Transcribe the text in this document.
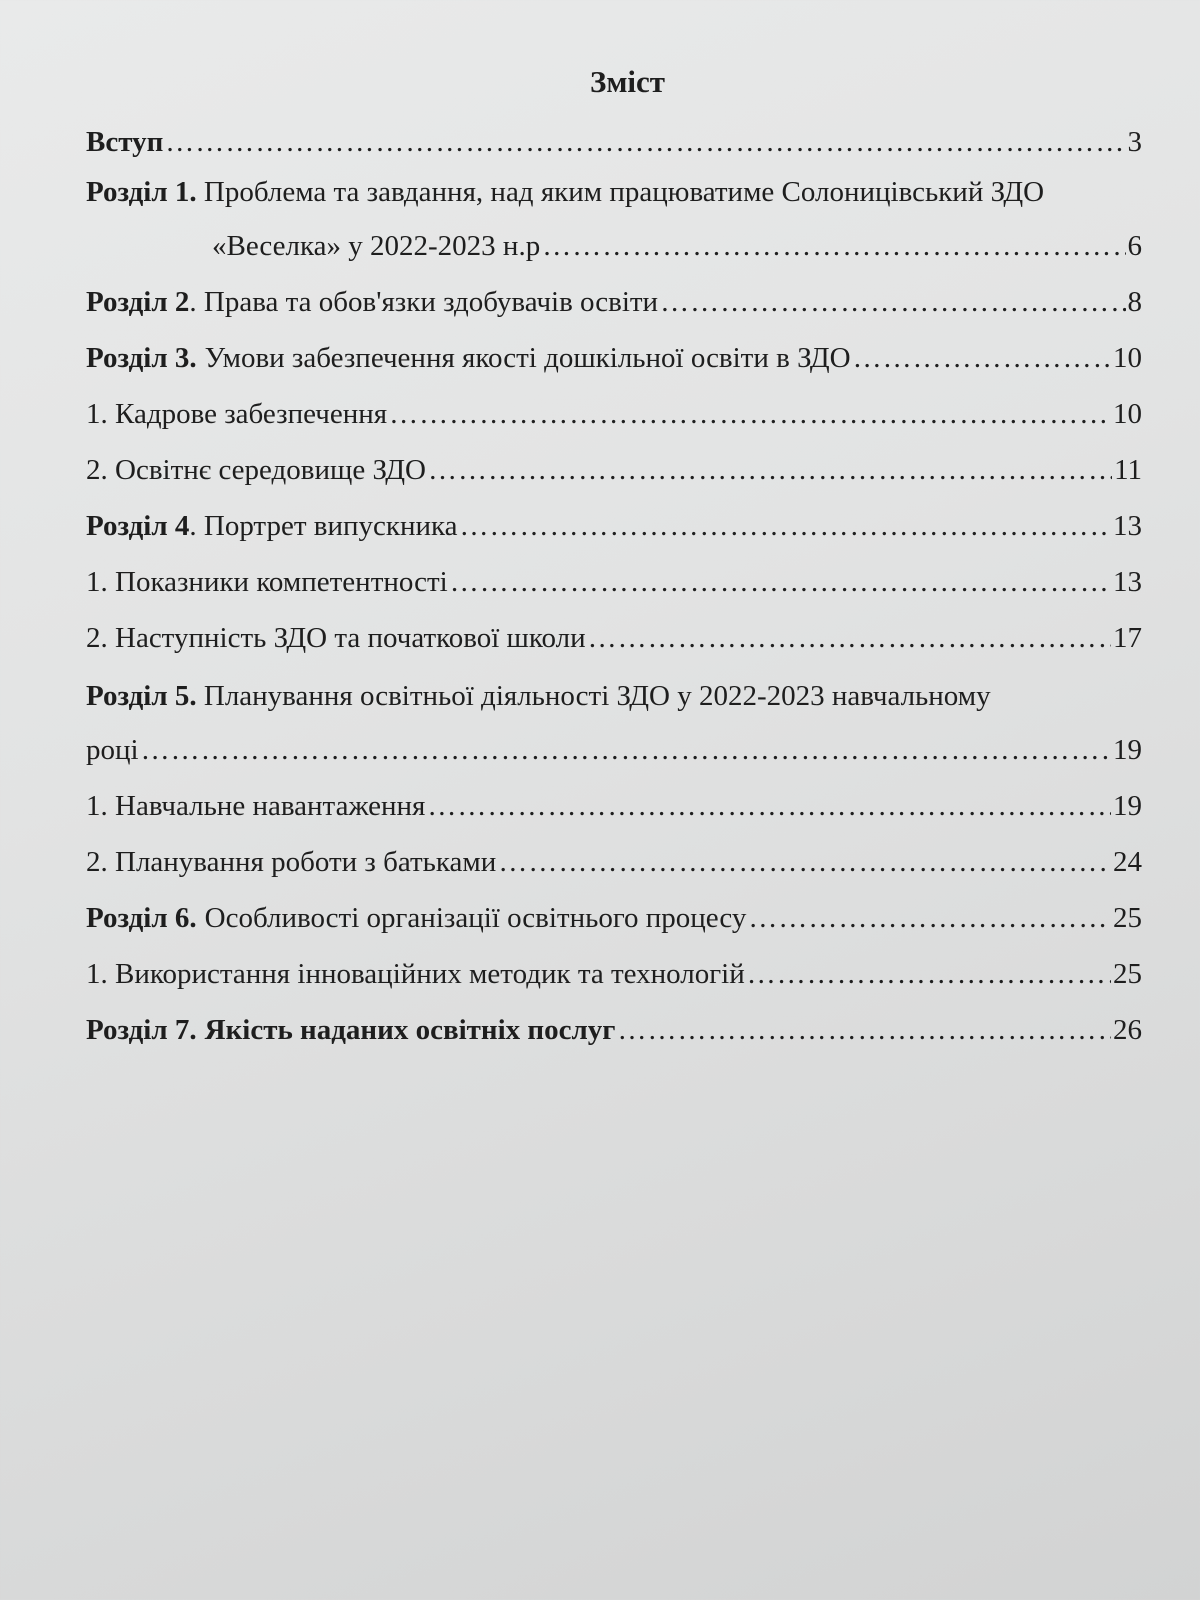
Зміст
Вступ ……………………………………………………………………………………………………………………………………………………………………………………	3
Розділ 1. Проблема та завдання, над яким працюватиме Солоницівський ЗДО
«Веселка» у 2022-2023 н.р ……………………………………………………………………………………………………………………………………………………………………………………	6
Розділ 2 . Права та обов'язки здобувачів освіти ……………………………………………………………………………………………………………………………………………………………………………………	8
Розділ 3. Умови забезпечення якості дошкільної освіти в ЗДО ……………………………………………………………………………………………………………………………………………………………………………………	10
1. Кадрове забезпечення ……………………………………………………………………………………………………………………………………………………………………………………	10
2. Освітнє середовище ЗДО ……………………………………………………………………………………………………………………………………………………………………………………	11
Розділ 4 . Портрет випускника ……………………………………………………………………………………………………………………………………………………………………………………	13
1. Показники компетентності ……………………………………………………………………………………………………………………………………………………………………………………	13
2. Наступність ЗДО та початкової школи ……………………………………………………………………………………………………………………………………………………………………………………	17
Розділ 5. Планування освітньої діяльності ЗДО у 2022-2023 навчальному
році ……………………………………………………………………………………………………………………………………………………………………………………	19
1. Навчальне навантаження ……………………………………………………………………………………………………………………………………………………………………………………	19
2. Планування роботи з батьками ……………………………………………………………………………………………………………………………………………………………………………………	24
Розділ 6. Особливості організації освітнього процесу ……………………………………………………………………………………………………………………………………………………………………………………	25
1. Використання інноваційних методик та технологій ……………………………………………………………………………………………………………………………………………………………………………………	25
Розділ 7. Якість наданих освітніх послуг ……………………………………………………………………………………………………………………………………………………………………………………	26
